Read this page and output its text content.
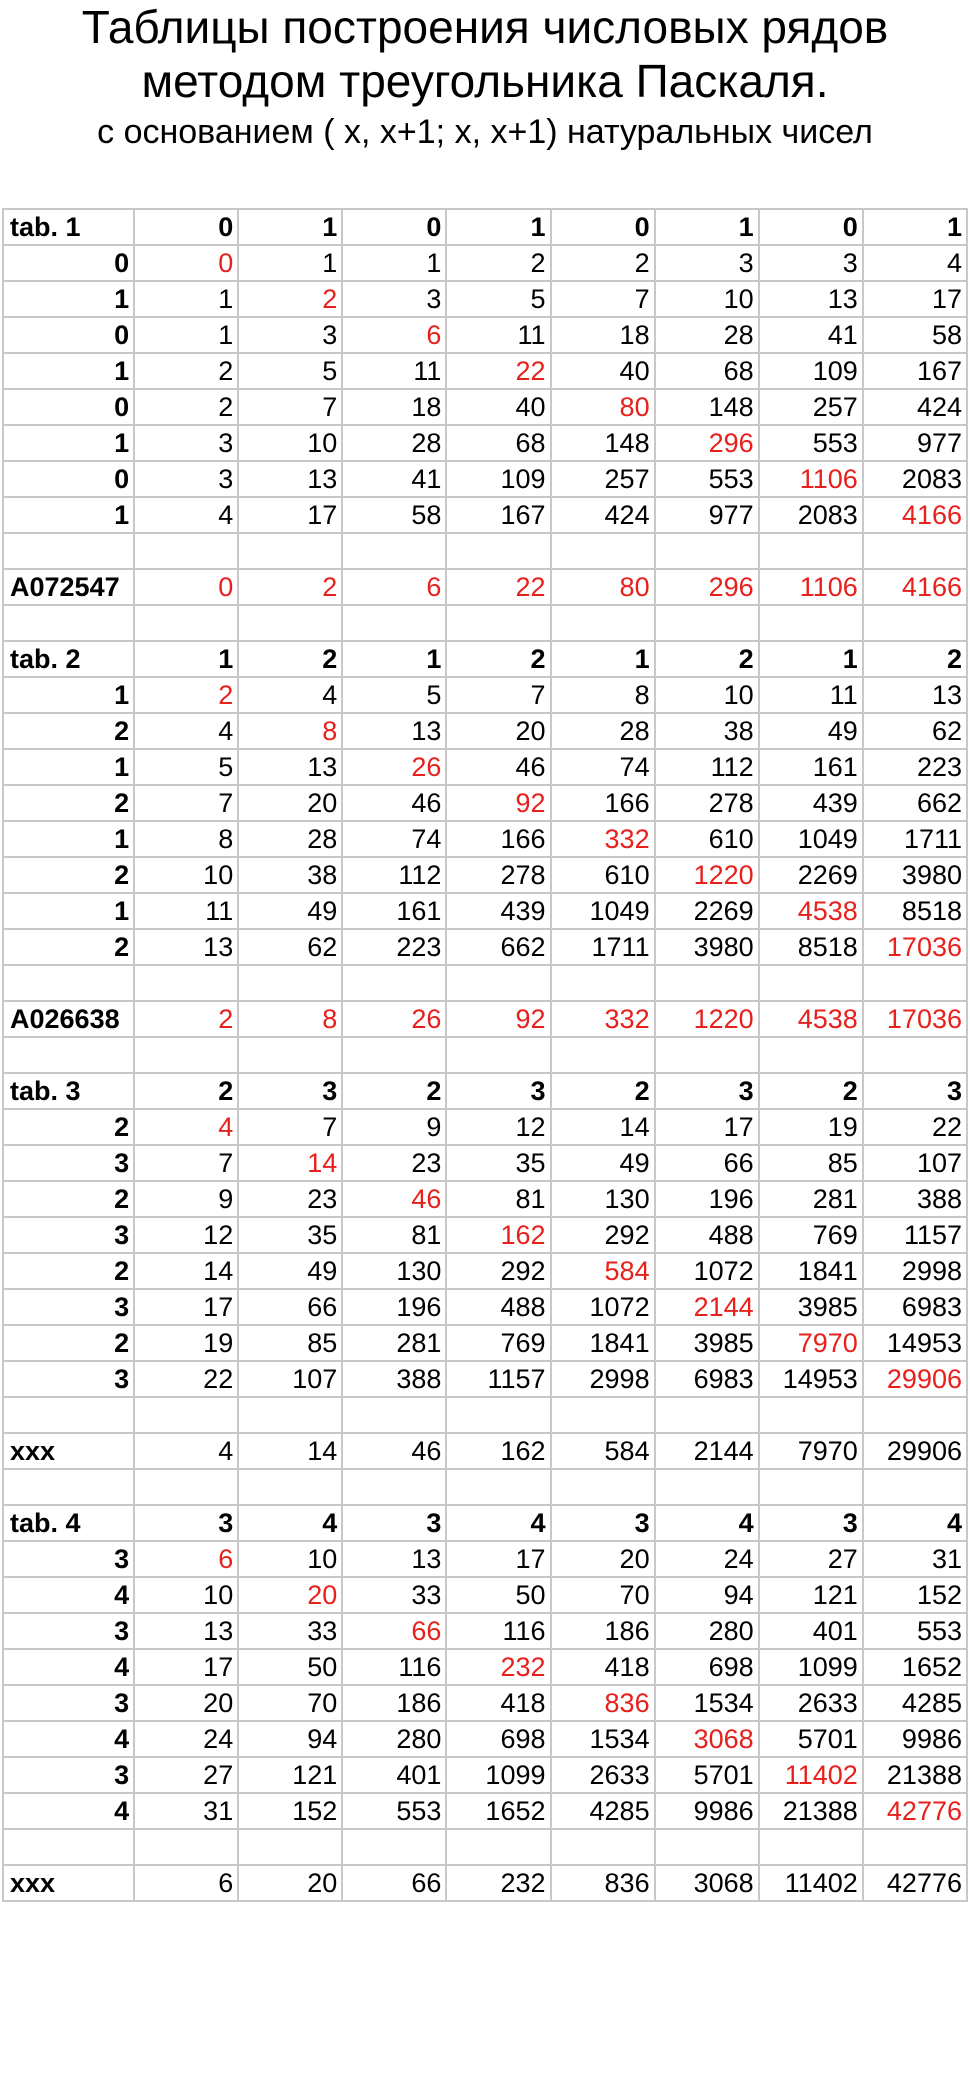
Таблицы построения числовых рядов
методом треугольника Паскаля.
с основанием ( x, x+1; x, x+1) натуральных чисел
tab. 1	0	1	0	1	0	1	0	1
0	0	1	1	2	2	3	3	4
1	1	2	3	5	7	10	13	17
0	1	3	6	11	18	28	41	58
1	2	5	11	22	40	68	109	167
0	2	7	18	40	80	148	257	424
1	3	10	28	68	148	296	553	977
0	3	13	41	109	257	553	1106	2083
1	4	17	58	167	424	977	2083	4166

A072547	0	2	6	22	80	296	1106	4166

tab. 2	1	2	1	2	1	2	1	2
1	2	4	5	7	8	10	11	13
2	4	8	13	20	28	38	49	62
1	5	13	26	46	74	112	161	223
2	7	20	46	92	166	278	439	662
1	8	28	74	166	332	610	1049	1711
2	10	38	112	278	610	1220	2269	3980
1	11	49	161	439	1049	2269	4538	8518
2	13	62	223	662	1711	3980	8518	17036

A026638	2	8	26	92	332	1220	4538	17036

tab. 3	2	3	2	3	2	3	2	3
2	4	7	9	12	14	17	19	22
3	7	14	23	35	49	66	85	107
2	9	23	46	81	130	196	281	388
3	12	35	81	162	292	488	769	1157
2	14	49	130	292	584	1072	1841	2998
3	17	66	196	488	1072	2144	3985	6983
2	19	85	281	769	1841	3985	7970	14953
3	22	107	388	1157	2998	6983	14953	29906

xxx	4	14	46	162	584	2144	7970	29906

tab. 4	3	4	3	4	3	4	3	4
3	6	10	13	17	20	24	27	31
4	10	20	33	50	70	94	121	152
3	13	33	66	116	186	280	401	553
4	17	50	116	232	418	698	1099	1652
3	20	70	186	418	836	1534	2633	4285
4	24	94	280	698	1534	3068	5701	9986
3	27	121	401	1099	2633	5701	11402	21388
4	31	152	553	1652	4285	9986	21388	42776

xxx	6	20	66	232	836	3068	11402	42776
